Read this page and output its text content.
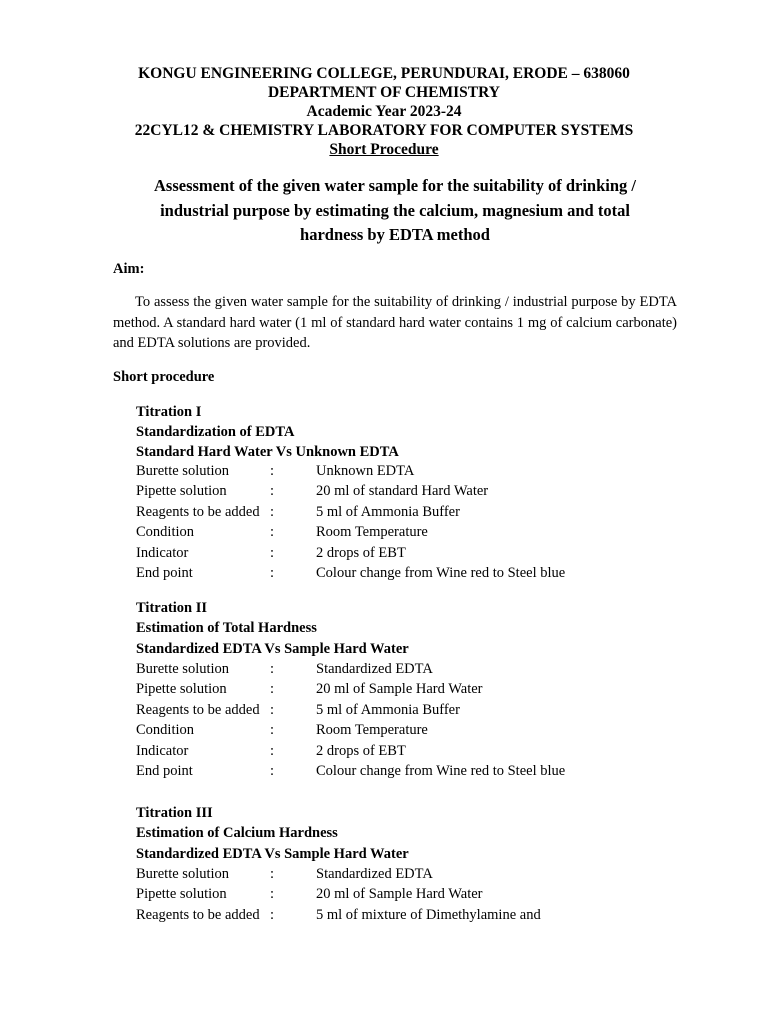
KONGU ENGINEERING COLLEGE, PERUNDURAI, ERODE – 638060
DEPARTMENT OF CHEMISTRY
Academic Year 2023-24
22CYL12 & CHEMISTRY LABORATORY FOR COMPUTER SYSTEMS
Short Procedure
Assessment of the given water sample for the suitability of drinking /
industrial purpose by estimating the calcium, magnesium and total
hardness by EDTA method
Aim:
To assess the given water sample for the suitability of drinking / industrial purpose by EDTA method. A standard hard water (1 ml of standard hard water contains 1 mg of calcium carbonate) and EDTA solutions are provided.
Short procedure
Titration I
Standardization of EDTA
Standard Hard Water Vs Unknown EDTA
Burette solution	:	Unknown EDTA
Pipette solution	:	20 ml of standard Hard Water
Reagents to be added :	5 ml of Ammonia Buffer
Condition	:	Room Temperature
Indicator	:	2 drops of EBT
End point	:	Colour change from Wine red to Steel blue
Titration II
Estimation of Total Hardness
Standardized EDTA Vs Sample Hard Water
Burette solution	:	Standardized EDTA
Pipette solution	:	20 ml of Sample Hard Water
Reagents to be added :	5 ml of Ammonia Buffer
Condition	:	Room Temperature
Indicator	:	2 drops of EBT
End point	:	Colour change from Wine red to Steel blue
Titration III
Estimation of Calcium Hardness
Standardized EDTA Vs Sample Hard Water
Burette solution	:	Standardized EDTA
Pipette solution	:	20 ml of Sample Hard Water
Reagents to be added :	5 ml of mixture of Dimethylamine and
